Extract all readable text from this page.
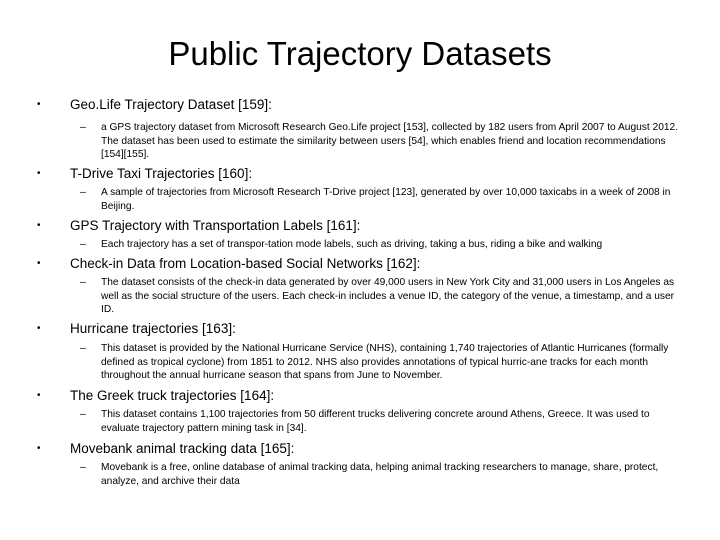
Public Trajectory Datasets
• Geo.Life Trajectory Dataset [159]:
– a GPS trajectory dataset from Microsoft Research Geo.Life project [153], collected by 182 users from April 2007 to August 2012. The dataset has been used to estimate the similarity between users [54], which enables friend and location recommendations [154][155].
• T-Drive Taxi Trajectories [160]:
– A sample of trajectories from Microsoft Research T-Drive project [123], generated by over 10,000 taxicabs in a week of 2008 in Beijing.
• GPS Trajectory with Transportation Labels [161]:
– Each trajectory has a set of transpor-tation mode labels, such as driving, taking a bus, riding a bike and walking
• Check-in Data from Location-based Social Networks [162]:
– The dataset consists of the check-in data generated by over 49,000 users in New York City and 31,000 users in Los Angeles as well as the social structure of the users. Each check-in includes a venue ID, the category of the venue, a timestamp, and a user ID.
• Hurricane trajectories [163]:
– This dataset is provided by the National Hurricane Service (NHS), containing 1,740 trajectories of Atlantic Hurricanes (formally defined as tropical cyclone) from 1851 to 2012. NHS also provides annotations of typical hurric-ane tracks for each month throughout the annual hurricane season that spans from June to November.
• The Greek truck trajectories [164]:
– This dataset contains 1,100 trajectories from 50 different trucks delivering concrete around Athens, Greece. It was used to evaluate trajectory pattern mining task in [34].
• Movebank animal tracking data [165]:
– Movebank is a free, online database of animal tracking data, helping animal tracking researchers to manage, share, protect, analyze, and archive their data
